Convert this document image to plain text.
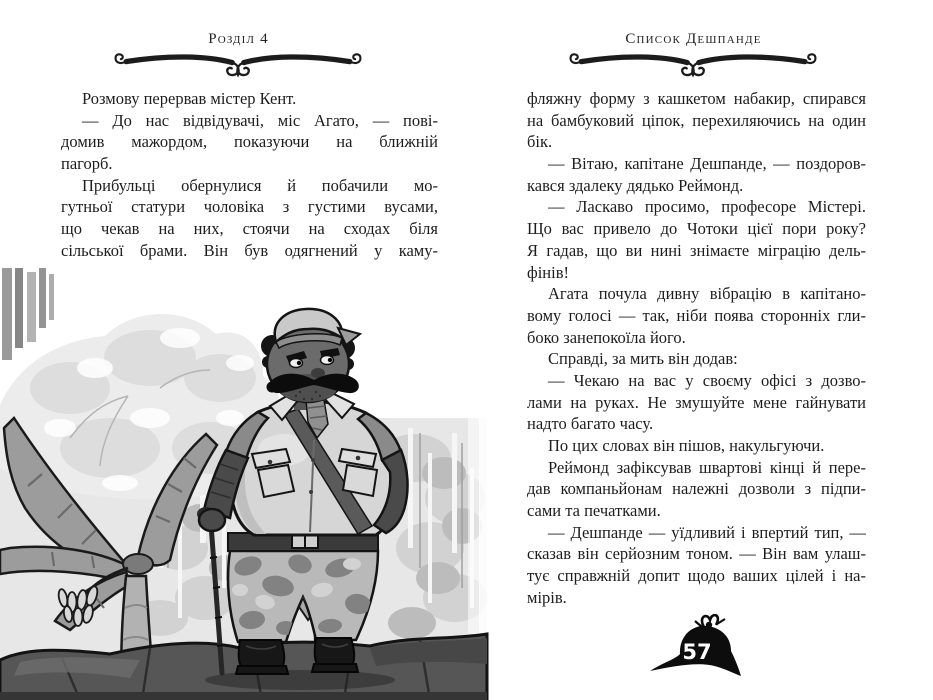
Розділ 4
Розмову перервав містер Кент.
— До нас відвідувачі, міс Агато, — пові-
домив мажордом, показуючи на ближній
пагорб.
Прибульці обернулися й побачили мо-
гутньої статури чоловіка з густими вусами,
що чекав на них, стоячи на сходах біля
сільської брами. Він був одягнений у каму-
Список Дешпанде
фляжну форму з кашкетом набакир, спирався
на бамбуковий ціпок, перехиляючись на один
бік.
— Вітаю, капітане Дешпанде, — поздоров-
кався здалеку дядько Реймонд.
— Ласкаво просимо, професоре Містері.
Що вас привело до Чотоки цієї пори року?
Я гадав, що ви нині знімаєте міграцію дель-
фінів!
Агата почула дивну вібрацію в капітано-
вому голосі — так, ніби поява сторонніх гли-
боко занепокоїла його.
Справді, за мить він додав:
— Чекаю на вас у своєму офісі з дозво-
лами на руках. Не змушуйте мене гайнувати
надто багато часу.
По цих словах він пішов, накульгуючи.
Реймонд зафіксував швартові кінці й пере-
дав компаньйонам належні дозволи з підпи-
сами та печатками.
— Дешпанде — уїдливий і впертий тип, —
сказав він серйозним тоном. — Він вам улаш-
тує справжній допит щодо ваших цілей і на-
мірів.
57
